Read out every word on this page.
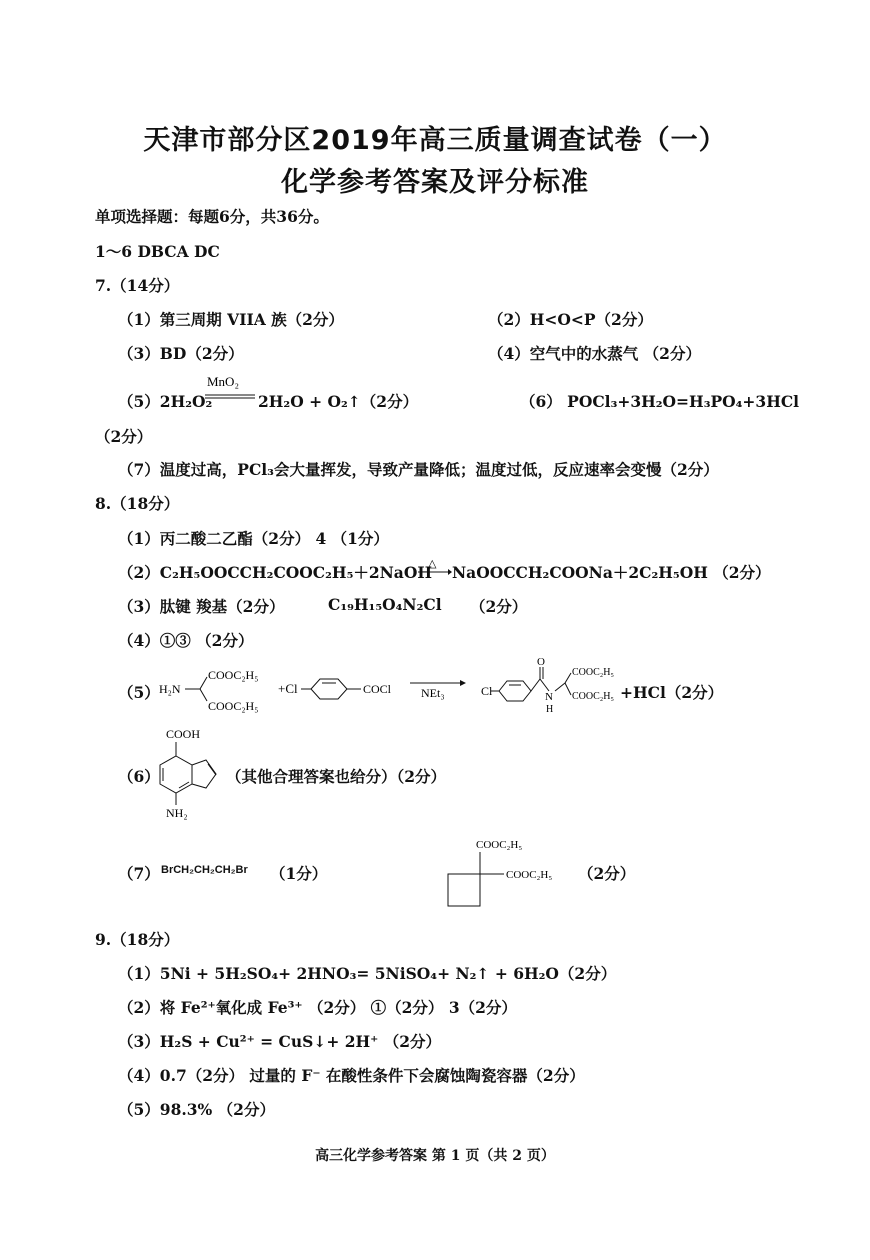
天津市部分区2019年高三质量调查试卷（一）
化学参考答案及评分标准
单项选择题：每题6分，共36分。
1～6 DBCA DC
7.（14分）
（1）第三周期 VIIA 族（2分）	（2）H<O<P（2分）
（3）BD（2分）	（4）空气中的水蒸气 （2分）
（5）2H₂O₂
MnO₂
2H₂O + O₂↑（2分）	（6） POCl₃+3H₂O=H₃PO₄+3HCl
（2分）
（7）温度过高，PCl₃会大量挥发，导致产量降低；温度过低，反应速率会变慢（2分）
8.（18分）
（1）丙二酸二乙酯（2分） 4 （1分）
（2）C₂H₅OOCCH₂COOC₂H₅＋2NaOH
△ NaOOCCH₂COONa＋2C₂H₅OH （2分）
（3）肽键 羧基（2分）	C₁₉H₁₅O₄N₂Cl （2分）
（4）①③ （2分）
（5） H₂N
COOC₂H₅
COOC₂H₅
+Cl	COCl NEt₃	Cl
O
N
H
COOC₂H₅
COOC₂H₅ +HCl（2分）
（6）
COOH
NH₂
（其他合理答案也给分）（2分）
（7） BrCH₂CH₂CH₂Br （1分）
COOC₂H₅
COOC₂H₅ （2分）
9.（18分）
（1）5Ni + 5H₂SO₄+ 2HNO₃= 5NiSO₄+ N₂↑ + 6H₂O（2分）
（2）将 Fe²⁺氧化成 Fe³⁺ （2分） ①（2分） 3（2分）
（3）H₂S + Cu²⁺ = CuS↓+ 2H⁺ （2分）
（4）0.7（2分） 过量的 F⁻ 在酸性条件下会腐蚀陶瓷容器（2分）
（5）98.3% （2分）
高三化学参考答案 第 1 页（共 2 页）
